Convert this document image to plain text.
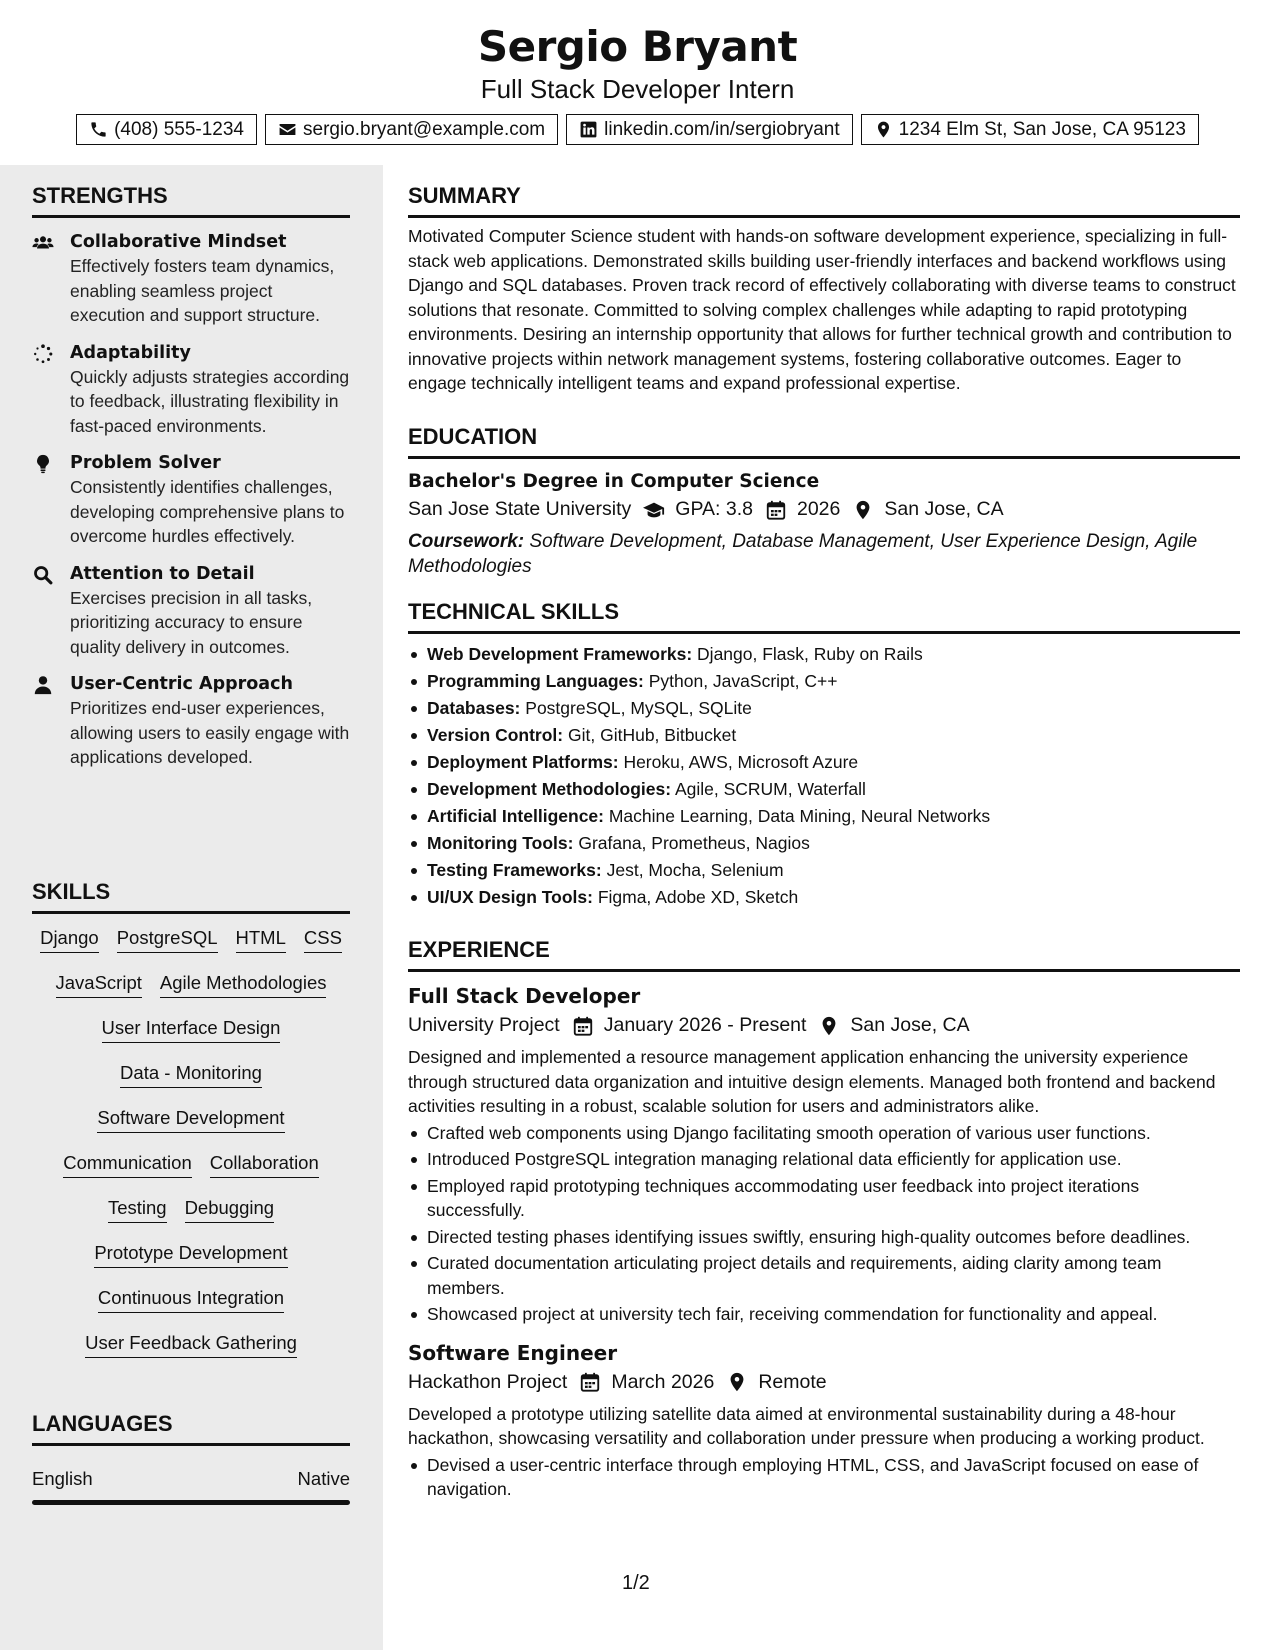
Sergio Bryant
Full Stack Developer Intern
(408) 555-1234	sergio.bryant@example.com	linkedin.com/in/sergiobryant	1234 Elm St, San Jose, CA 95123
STRENGTHS
Collaborative Mindset
Effectively fosters team dynamics, enabling seamless project execution and support structure.
Adaptability
Quickly adjusts strategies according to feedback, illustrating flexibility in fast-paced environments.
Problem Solver
Consistently identifies challenges, developing comprehensive plans to overcome hurdles effectively.
Attention to Detail
Exercises precision in all tasks, prioritizing accuracy to ensure quality delivery in outcomes.
User-Centric Approach
Prioritizes end-user experiences, allowing users to easily engage with applications developed.
SKILLS
Django PostgreSQL HTML CSS
JavaScript Agile Methodologies
User Interface Design
Data - Monitoring
Software Development
Communication Collaboration
Testing Debugging
Prototype Development
Continuous Integration
User Feedback Gathering
LANGUAGES
English	Native
SUMMARY
Motivated Computer Science student with hands-on software development experience, specializing in full-stack web applications. Demonstrated skills building user-friendly interfaces and backend workflows using Django and SQL databases. Proven track record of effectively collaborating with diverse teams to construct solutions that resonate. Committed to solving complex challenges while adapting to rapid prototyping environments. Desiring an internship opportunity that allows for further technical growth and contribution to innovative projects within network management systems, fostering collaborative outcomes. Eager to engage technically intelligent teams and expand professional expertise.
EDUCATION
Bachelor's Degree in Computer Science
San Jose State University GPA: 3.8 2026 San Jose, CA
Coursework: Software Development, Database Management, User Experience Design, Agile Methodologies
TECHNICAL SKILLS
Web Development Frameworks: Django, Flask, Ruby on Rails
Programming Languages: Python, JavaScript, C++
Databases: PostgreSQL, MySQL, SQLite
Version Control: Git, GitHub, Bitbucket
Deployment Platforms: Heroku, AWS, Microsoft Azure
Development Methodologies: Agile, SCRUM, Waterfall
Artificial Intelligence: Machine Learning, Data Mining, Neural Networks
Monitoring Tools: Grafana, Prometheus, Nagios
Testing Frameworks: Jest, Mocha, Selenium
UI/UX Design Tools: Figma, Adobe XD, Sketch
EXPERIENCE
Full Stack Developer
University Project January 2026 - Present San Jose, CA
Designed and implemented a resource management application enhancing the university experience through structured data organization and intuitive design elements. Managed both frontend and backend activities resulting in a robust, scalable solution for users and administrators alike.
Crafted web components using Django facilitating smooth operation of various user functions.
Introduced PostgreSQL integration managing relational data efficiently for application use.
Employed rapid prototyping techniques accommodating user feedback into project iterations successfully.
Directed testing phases identifying issues swiftly, ensuring high-quality outcomes before deadlines.
Curated documentation articulating project details and requirements, aiding clarity among team members.
Showcased project at university tech fair, receiving commendation for functionality and appeal.
Software Engineer
Hackathon Project March 2026 Remote
Developed a prototype utilizing satellite data aimed at environmental sustainability during a 48-hour hackathon, showcasing versatility and collaboration under pressure when producing a working product.
Devised a user-centric interface through employing HTML, CSS, and JavaScript focused on ease of navigation.
1/2
